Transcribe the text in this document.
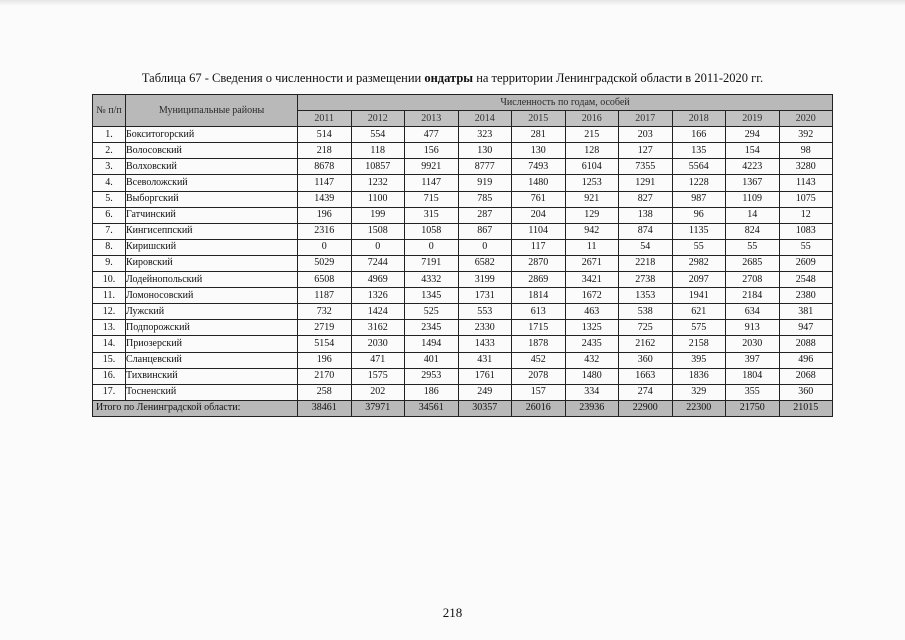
Таблица 67 - Сведения о численности и размещении ондатры на территории Ленинградской области в 2011-2020 гг.
№ п/п	Муниципальные районы	Численность по годам, особей									
		2011	2012	2013	2014	2015	2016	2017	2018	2019	2020
1.	Бокситогорский	514	554	477	323	281	215	203	166	294	392
2.	Волосовский	218	118	156	130	130	128	127	135	154	98
3.	Волховский	8678	10857	9921	8777	7493	6104	7355	5564	4223	3280
4.	Всеволожский	1147	1232	1147	919	1480	1253	1291	1228	1367	1143
5.	Выборгский	1439	1100	715	785	761	921	827	987	1109	1075
6.	Гатчинский	196	199	315	287	204	129	138	96	14	12
7.	Кингисеппский	2316	1508	1058	867	1104	942	874	1135	824	1083
8.	Киришский	0	0	0	0	117	11	54	55	55	55
9.	Кировский	5029	7244	7191	6582	2870	2671	2218	2982	2685	2609
10.	Лодейнопольский	6508	4969	4332	3199	2869	3421	2738	2097	2708	2548
11.	Ломоносовский	1187	1326	1345	1731	1814	1672	1353	1941	2184	2380
12.	Лужский	732	1424	525	553	613	463	538	621	634	381
13.	Подпорожский	2719	3162	2345	2330	1715	1325	725	575	913	947
14.	Приозерский	5154	2030	1494	1433	1878	2435	2162	2158	2030	2088
15.	Сланцевский	196	471	401	431	452	432	360	395	397	496
16.	Тихвинский	2170	1575	2953	1761	2078	1480	1663	1836	1804	2068
17.	Тосненский	258	202	186	249	157	334	274	329	355	360
Итого по Ленинградской области:		38461	37971	34561	30357	26016	23936	22900	22300	21750	21015
218
